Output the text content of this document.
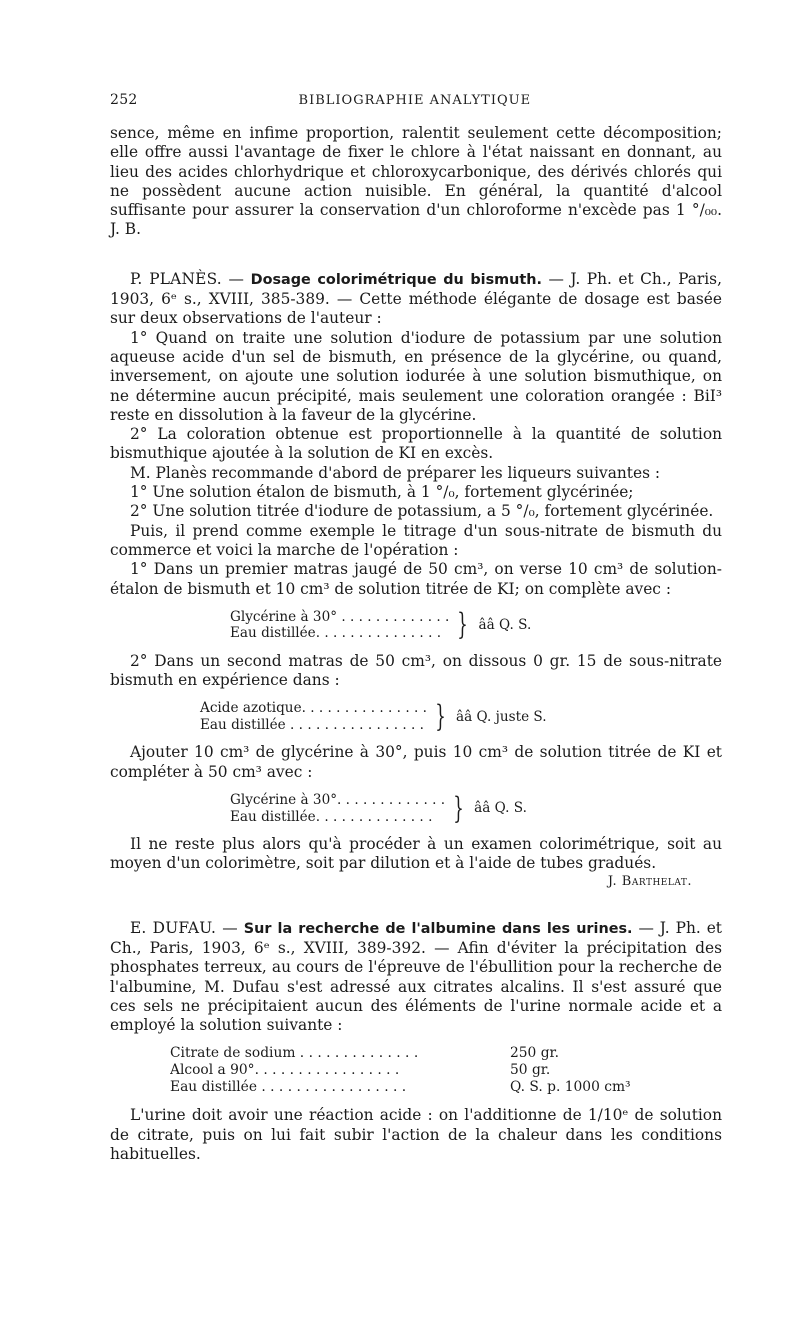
252	BIBLIOGRAPHIE ANALYTIQUE

sence, même en infime proportion, ralentit seulement cette décomposition; elle offre aussi l'avantage de fixer le chlore à l'état naissant en donnant, au lieu des acides chlorhydrique et chloroxycarbonique, des dérivés chlorés qui ne possèdent aucune action nuisible. En général, la quantité d'alcool suffisante pour assurer la conservation d'un chloroforme n'excède pas 1 °/₀₀. J. B.

P. PLANÈS. — Dosage colorimétrique du bismuth. — J. Ph. et Ch., Paris, 1903, 6ᵉ s., XVIII, 385-389. — Cette méthode élégante de dosage est basée sur deux observations de l'auteur :

1° Quand on traite une solution d'iodure de potassium par une solution aqueuse acide d'un sel de bismuth, en présence de la glycérine, ou quand, inversement, on ajoute une solution iodurée à une solution bismuthique, on ne détermine aucun précipité, mais seulement une coloration orangée : BiI³ reste en dissolution à la faveur de la glycérine.

2° La coloration obtenue est proportionnelle à la quantité de solution bismuthique ajoutée à la solution de KI en excès.

M. Planès recommande d'abord de préparer les liqueurs suivantes :

1° Une solution étalon de bismuth, à 1 °/₀, fortement glycérinée;

2° Une solution titrée d'iodure de potassium, a 5 °/₀, fortement glycérinée.

Puis, il prend comme exemple le titrage d'un sous-nitrate de bismuth du commerce et voici la marche de l'opération :

1° Dans un premier matras jaugé de 50 cm³, on verse 10 cm³ de solution-étalon de bismuth et 10 cm³ de solution titrée de KI; on complète avec :

Glycérine à 30° . . . . . . . . . . . . .
Eau distillée. . . . . . . . . . . . . . . } ââ Q. S.

2° Dans un second matras de 50 cm³, on dissous 0 gr. 15 de sous-nitrate bismuth en expérience dans :

Acide azotique. . . . . . . . . . . . . . .
Eau distillée . . . . . . . . . . . . . . . . } ââ Q. juste S.

Ajouter 10 cm³ de glycérine à 30°, puis 10 cm³ de solution titrée de KI et compléter à 50 cm³ avec :

Glycérine à 30°. . . . . . . . . . . . .
Eau distillée. . . . . . . . . . . . . . } ââ Q. S.

Il ne reste plus alors qu'à procéder à un examen colorimétrique, soit au moyen d'un colorimètre, soit par dilution et à l'aide de tubes gradués.

J. Barthelat.

E. DUFAU. — Sur la recherche de l'albumine dans les urines. — J. Ph. et Ch., Paris, 1903, 6ᵉ s., XVIII, 389-392. — Afin d'éviter la précipitation des phosphates terreux, au cours de l'épreuve de l'ébullition pour la recherche de l'albumine, M. Dufau s'est adressé aux citrates alcalins. Il s'est assuré que ces sels ne précipitaient aucun des éléments de l'urine normale acide et a employé la solution suivante :

Citrate de sodium . . . . . . . . . . . . . .	250 gr.
Alcool a 90°. . . . . . . . . . . . . . . . .	50 gr.
Eau distillée . . . . . . . . . . . . . . . . .	Q. S. p. 1000 cm³

L'urine doit avoir une réaction acide : on l'additionne de 1/10ᵉ de solution de citrate, puis on lui fait subir l'action de la chaleur dans les conditions habituelles.
